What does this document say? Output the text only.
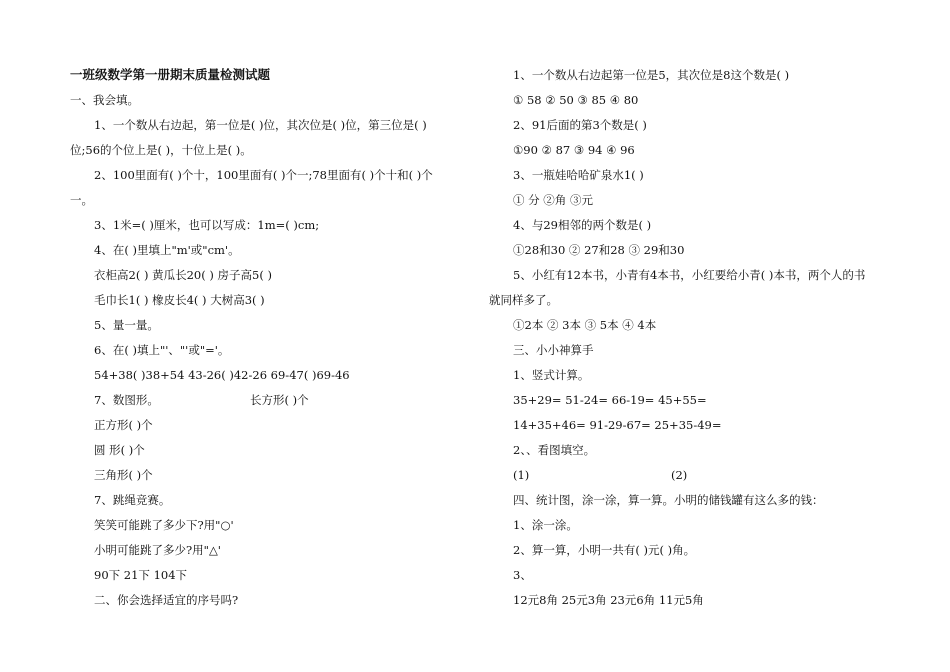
一班级数学第一册期末质量检测试题
一、我会填。
1、一个数从右边起，第一位是( )位，其次位是( )位，第三位是( )
位;56的个位上是( )，十位上是( )。
2、100里面有( )个十，100里面有( )个一;78里面有( )个十和( )个
一。
3、1米=( )厘米，也可以写成：1m=( )cm;
4、在( )里填上"m'或"cm'。
衣柜高2( ) 黄瓜长20( ) 房子高5( )
毛巾长1( ) 橡皮长4( ) 大树高3( )
5、量一量。
6、在( )填上"'、"'或"='。
54+38( )38+54 43-26( )42-26 69-47( )69-46
7、数图形。	长方形( )个
正方形( )个
圆 形( )个
三角形( )个
7、跳绳竞赛。
笑笑可能跳了多少下?用"○'
小明可能跳了多少?用"△'
90下 21下 104下
二、你会选择适宜的序号吗?
1、一个数从右边起第一位是5，其次位是8这个数是( )
① 58 ② 50 ③ 85 ④ 80
2、91后面的第3个数是( )
①90 ② 87 ③ 94 ④ 96
3、一瓶娃哈哈矿泉水1( )
① 分 ②角 ③元
4、与29相邻的两个数是( )
①28和30 ② 27和28 ③ 29和30
5、小红有12本书，小青有4本书，小红要给小青( )本书，两个人的书
就同样多了。
①2本 ② 3本 ③ 5本 ④ 4本
三、小小神算手
1、竖式计算。
35+29= 51-24= 66-19= 45+55=
14+35+46= 91-29-67= 25+35-49=
2、、看图填空。
(1)	(2)
四、统计图，涂一涂，算一算。小明的储钱罐有这么多的钱：
1、涂一涂。
2、算一算，小明一共有( )元( )角。
3、
12元8角 25元3角 23元6角 11元5角
